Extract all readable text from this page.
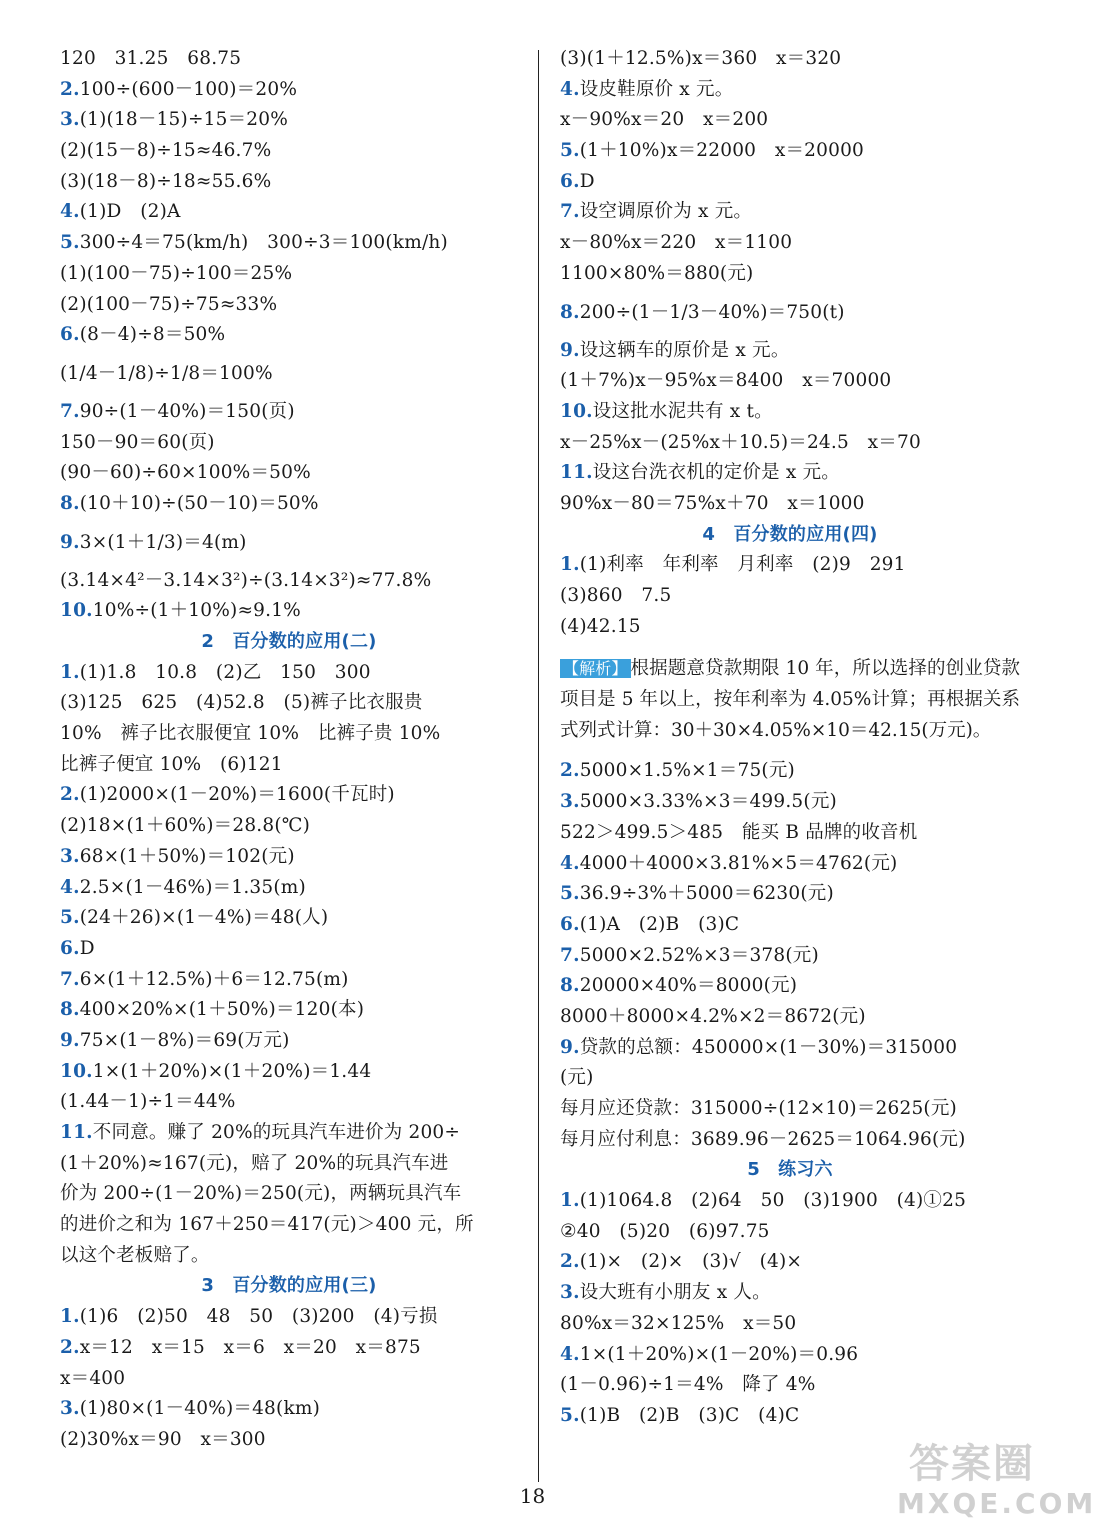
120　31.25　68.75
2.100÷(600－100)＝20%
3.(1)(18－15)÷15＝20%
(2)(15－8)÷15≈46.7%
(3)(18－8)÷18≈55.6%
4.(1)D　(2)A
5.300÷4＝75(km/h)　300÷3＝100(km/h)
(1)(100－75)÷100＝25%
(2)(100－75)÷75≈33%
6.(8－4)÷8＝50%
(1/4－1/8)÷1/8＝100%
7.90÷(1－40%)＝150(页)
150－90＝60(页)
(90－60)÷60×100%＝50%
8.(10＋10)÷(50－10)＝50%
9.3×(1＋1/3)＝4(m)
(3.14×4²－3.14×3²)÷(3.14×3²)≈77.8%
10.10%÷(1＋10%)≈9.1%
2　百分数的应用(二)
1.(1)1.8　10.8　(2)乙　150　300
(3)125　625　(4)52.8　(5)裤子比衣服贵
10%　裤子比衣服便宜 10%　比裤子贵 10%
比裤子便宜 10%　(6)121
2.(1)2000×(1－20%)＝1600(千瓦时)
(2)18×(1＋60%)＝28.8(℃)
3.68×(1＋50%)＝102(元)
4.2.5×(1－46%)＝1.35(m)
5.(24＋26)×(1－4%)＝48(人)
6.D
7.6×(1＋12.5%)＋6＝12.75(m)
8.400×20%×(1＋50%)＝120(本)
9.75×(1－8%)＝69(万元)
10.1×(1＋20%)×(1＋20%)＝1.44
(1.44－1)÷1＝44%
11.不同意。赚了 20%的玩具汽车进价为 200÷
(1＋20%)≈167(元)，赔了 20%的玩具汽车进
价为 200÷(1－20%)＝250(元)，两辆玩具汽车
的进价之和为 167＋250＝417(元)＞400 元，所
以这个老板赔了。
3　百分数的应用(三)
1.(1)6　(2)50　48　50　(3)200　(4)亏损
2.x＝12　x＝15　x＝6　x＝20　x＝875
x＝400
3.(1)80×(1－40%)＝48(km)
(2)30%x＝90　x＝300
(3)(1＋12.5%)x＝360　x＝320
4.设皮鞋原价 x 元。
x－90%x＝20　x＝200
5.(1＋10%)x＝22000　x＝20000
6.D
7.设空调原价为 x 元。
x－80%x＝220　x＝1100
1100×80%＝880(元)
8.200÷(1－1/3－40%)＝750(t)
9.设这辆车的原价是 x 元。
(1＋7%)x－95%x＝8400　x＝70000
10.设这批水泥共有 x t。
x－25%x－(25%x＋10.5)＝24.5　x＝70
11.设这台洗衣机的定价是 x 元。
90%x－80＝75%x＋70　x＝1000
4　百分数的应用(四)
1.(1)利率　年利率　月利率　(2)9　291
(3)860　7.5
(4)42.15
【解析】 根据题意贷款期限 10 年，所以选择的创业贷款项目是 5 年以上，按年利率为 4.05%计算；再根据关系式列式计算：30＋30×4.05%×10＝42.15(万元)。
2.5000×1.5%×1＝75(元)
3.5000×3.33%×3＝499.5(元)
522＞499.5＞485　能买 B 品牌的收音机
4.4000＋4000×3.81%×5＝4762(元)
5.36.9÷3%＋5000＝6230(元)
6.(1)A　(2)B　(3)C
7.5000×2.52%×3＝378(元)
8.20000×40%＝8000(元)
8000＋8000×4.2%×2＝8672(元)
9.贷款的总额：450000×(1－30%)＝315000
(元)
每月应还贷款：315000÷(12×10)＝2625(元)
每月应付利息：3689.96－2625＝1064.96(元)
5　练习六
1.(1)1064.8　(2)64　50　(3)1900　(4)①25
②40　(5)20　(6)97.75
2.(1)×　(2)×　(3)√　(4)×
3.设大班有小朋友 x 人。
80%x＝32×125%　x＝50
4.1×(1＋20%)×(1－20%)＝0.96
(1－0.96)÷1＝4%　降了 4%
5.(1)B　(2)B　(3)C　(4)C
18
答案圈
MXQE.COM
